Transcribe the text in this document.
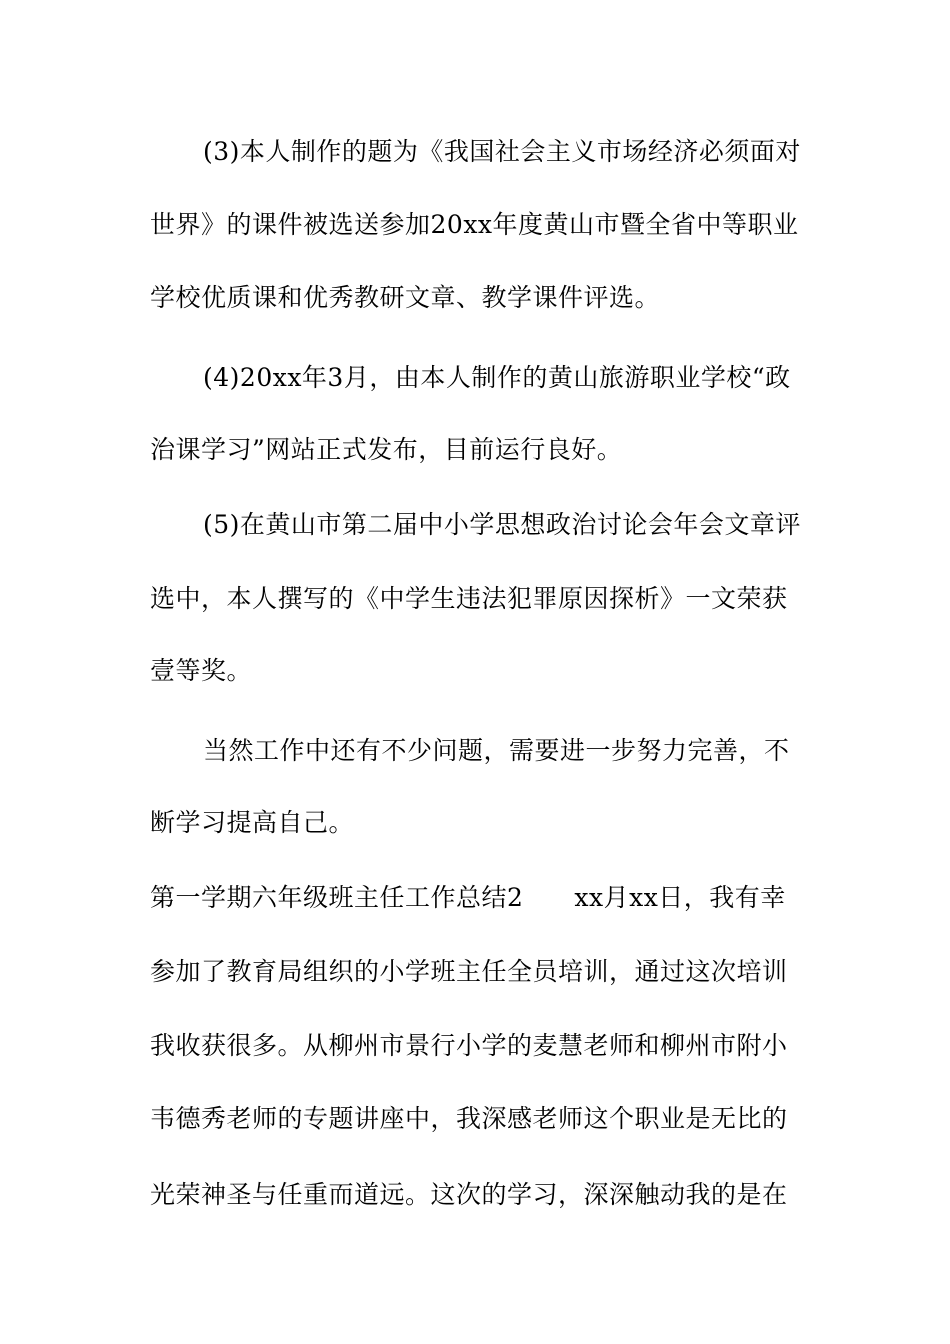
(3)本人制作的题为《我国社会主义市场经济必须面对
世界》的课件被选送参加20xx年度黄山市暨全省中等职业
学校优质课和优秀教研文章、教学课件评选。
(4)20xx年3月，由本人制作的黄山旅游职业学校“政
治课学习”网站正式发布，目前运行良好。
(5)在黄山市第二届中小学思想政治讨论会年会文章评
选中，本人撰写的《中学生违法犯罪原因探析》一文荣获
壹等奖。
当然工作中还有不少问题，需要进一步努力完善，不
断学习提高自己。
第一学期六年级班主任工作总结2　　xx月xx日，我有幸
参加了教育局组织的小学班主任全员培训，通过这次培训
我收获很多。从柳州市景行小学的麦慧老师和柳州市附小
韦德秀老师的专题讲座中，我深感老师这个职业是无比的
光荣神圣与任重而道远。这次的学习，深深触动我的是在
